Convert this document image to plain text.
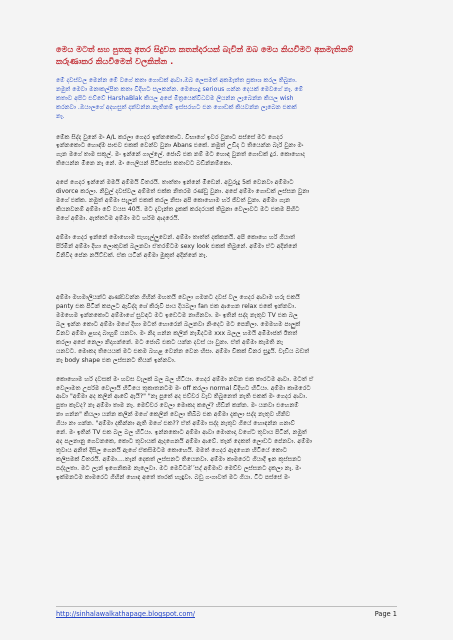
මෙය මටත් සහ පුතකු අතර සිදුවන කතන්දරයක් බැවින් ඔබ මෙය කියවීමට අකමැතිනම්
කරුණාකර කියවීමෙන් වලකින්න .
මේ දවස්වල මෙන්න මේ වගේ කතා ගොඩක් ආවා.ඔබ ලෙසමත් අකමැත්ත ප්‍රකාශ කරල තිබුනා.
නමුත් මෙවා මනඃකල්පිත කතා විදිහට සලකන්න. මෙහෙදු serious ගන්න දෙයක් මෙවගේ නෑ. මේ
කතාව අපිට එව්වේ HarshaBlak කියල අපේ මිත්‍රයෙක්විධවම ලියන්න ලැබෙන්න කියල wish
කරනවා .ඔයාලගේ අදහසුත් දන්වන්න.නැතිනම් ඉස්සරහට එන ගොඩක් කියවන්න ලැබෙන එකක්
නෑ.
මේක සිද්ද වුනේ මං A/L කරලා ගෙදර ඉන්නකොට. විභාගේ ඉවර වුනාට පස්සේ මට ගෙදර
ඉන්නකොට හොඳ්ම පාළුව එකක් වෙන්ව වුනා Abans එකේ. නමුත් උඩිදා ට තියෙන්න බැරි වුනා මං
ගැන මගේ තාම සකුල්. මං ඉන්නේ ගාල්ලේ. ජොබ් එක නම් මට හොඳ වුනත් ගොඩක් දුර. කොහොද
තියෙන්න මිනෙ නෑ නේ. මං ෆෙලියන් පිටිපස්ස කතාවට බඩින්නම්කො.
අපේ ගෙදර ඉන්නේ මමයි අම්මයි විතරයි. තාත්තා ඉන්නේ මිඩෙන්. අවුරුදු 5ක් වෙනවා අම්මාට
divorce කරලා. නිවුල් දවස්වල අම්මත් එක්ක නිතරම රණ්ඩු වුනා. අපේ අම්මා ගොඩක් ලස්සන වුනා
මගේ එක්ක. නමුත් අම්මා සැලූන් එකක් කරල නිසා අපි කොහොම හරි ජීවත් වුනා. අම්මා ගැන
කියනවනම් අම්මා වේ වයස 40යි. මට දැවැන්ත දුකක් කරදරයක් තිබුනා වෙලාවට මට එකම පිහිට
මගේ අම්මා. ඇත්තටම අම්මා මට හරිම ආදරෙයි.
අම්මා ගෙදර ඉන්නේ මොහොම සැහැල්ලුවෙන්. අම්මා තාත්ත් දක්කනයි. අපි කොහෙ හරි ගියාත්
පිරිමින් අම්මා දිහා ලොකුවක් බලනවා ඒතරම්ටම sexy look එකක් තිබුනේ. අම්මා ඒට අදින්නේ
විනිවිද පේන නයිට්ඩක්. ඒක යටින් අම්මා මුකුත් අදින්නේ නෑ.
අම්මා මහමාලියන්ට ආණ්ඩවන්න ගිහින් මහතයි වෙලා ගමනට දවස් වල ගෙදර ආවාම හරු එකයි
panty එක පිටින් කපලට ඇවිද්දා ශේ කිරුවි පාය දියබලා fan එක ආගෙන relax එකේ ඉන්නවා.
මමහෙම ඉන්නකොට අම්මාගේ සුවඳට මට ඉඩෙටම නාගිනවා. මං ඉතින් සද්ද නැතුව TV එක බල
බල ඉන්න කොට අම්මා මගේ දිහා මටත් හොරෙන් බලනවා නිංදෙට මට පෙනිලා. මෙමහම පාලුක්
විනව අම්මා ළඟදා බාහුම් යනවා. මං නිදා ගන්න කලින් නැඹිදටම xxx බලල හමයි අමිමාජත් ඊතත්
කරලා අපේ නෙලා නිදාගන්නේ. මට ජොබ් එකට යන්න දවස් යා වුනා. ඒත් අම්මා කැමති නැ
යනවට. මොකද තියෙයක් මට එකම බහළ වෙන්න වෙන හිසා. අම්මා චිකක් චීනර සුදුයි. චැඩිය බඩත්
නෑ body shape එක ලස්සනට තියන් ඉන්නවා.
කොහොම හරි දවසක් මං හවස වැලක් බල බල හිටියා. ගෙදර අම්මා නවන එක තාරටම ආවා. මටත් ඒ
වෙලාමත උපරිම වෙලායි හිටියෙ තුකාතනටම මං off කරලා normal විදිහට හිටියා. අම්මා කාමරෙට
ආවා "අම්මා අද කලින් ආවේ ඇයි?" "නෑ පුතේ අද එච්චර වැඩ තිබුනෙත් නැති එකක් මං ගෙදර ආවා.
පුතා කෑවද? නෑ අම්මා තාම නෑ. මෙච්චර වෙලා මොකද කලේ? හිඩින් කන්න. මං යනවා එහෙනම්
නා ගන්න" කියලා යන්න කලින් මගේ කෙලින් වෙලා තිබිබ එක අම්මා දැකලා සද්ද නැතුව හිනිව
ගියා නා ගන්න. "අම්මා දකින්නා ඇති මගේ එක?? ඒත් අම්මා සද්ද නැතුව ගියේ හොඳන්න ගනාව්
නේ. මං ඉතින් TV එක බල බල හිටියා. ඉන්නකොට අම්මා ආවා මොනාදා වගේට තුවාය පිටින්, නමුත්
අද පලනානු ගෙවනකෙ, කොට තුවායක් ඇදගෙනයි අම්මා ආවේ. තෑන් දෙකත් ලොඩට පේනවා. අම්මා
තුවාය අනිත් දිසිල ගෙනයි ඇගේ ඒකසිමටම කොහෙයි. මමත් ගෙදර ඇඳගෙන හිටියේ කොට
කලිසමක් විතරයි. අම්මා....තෑන් දෙකත් ලස්සනට තියෙනවා. අම්මා කාමරෙට ගියාදී ඉන කුස්සනට
පද්දලතා. මට ලැන් ඉගෙනිකම නැලෙවා. මට මෙවිටම ිසද් අම්මාව ‍මෙච්ච ලස්සනට දැකලා නෑ. මං
ඉක්මනටම කාමරෙට ගිහින් හොඳ අතේ තාරක් හැඳුවා. බඩු ගංගාවත් මට ගියා. ටිට පස්සේ මං
http://sinhalawalkathapage.blogspot.com/	Page 1
